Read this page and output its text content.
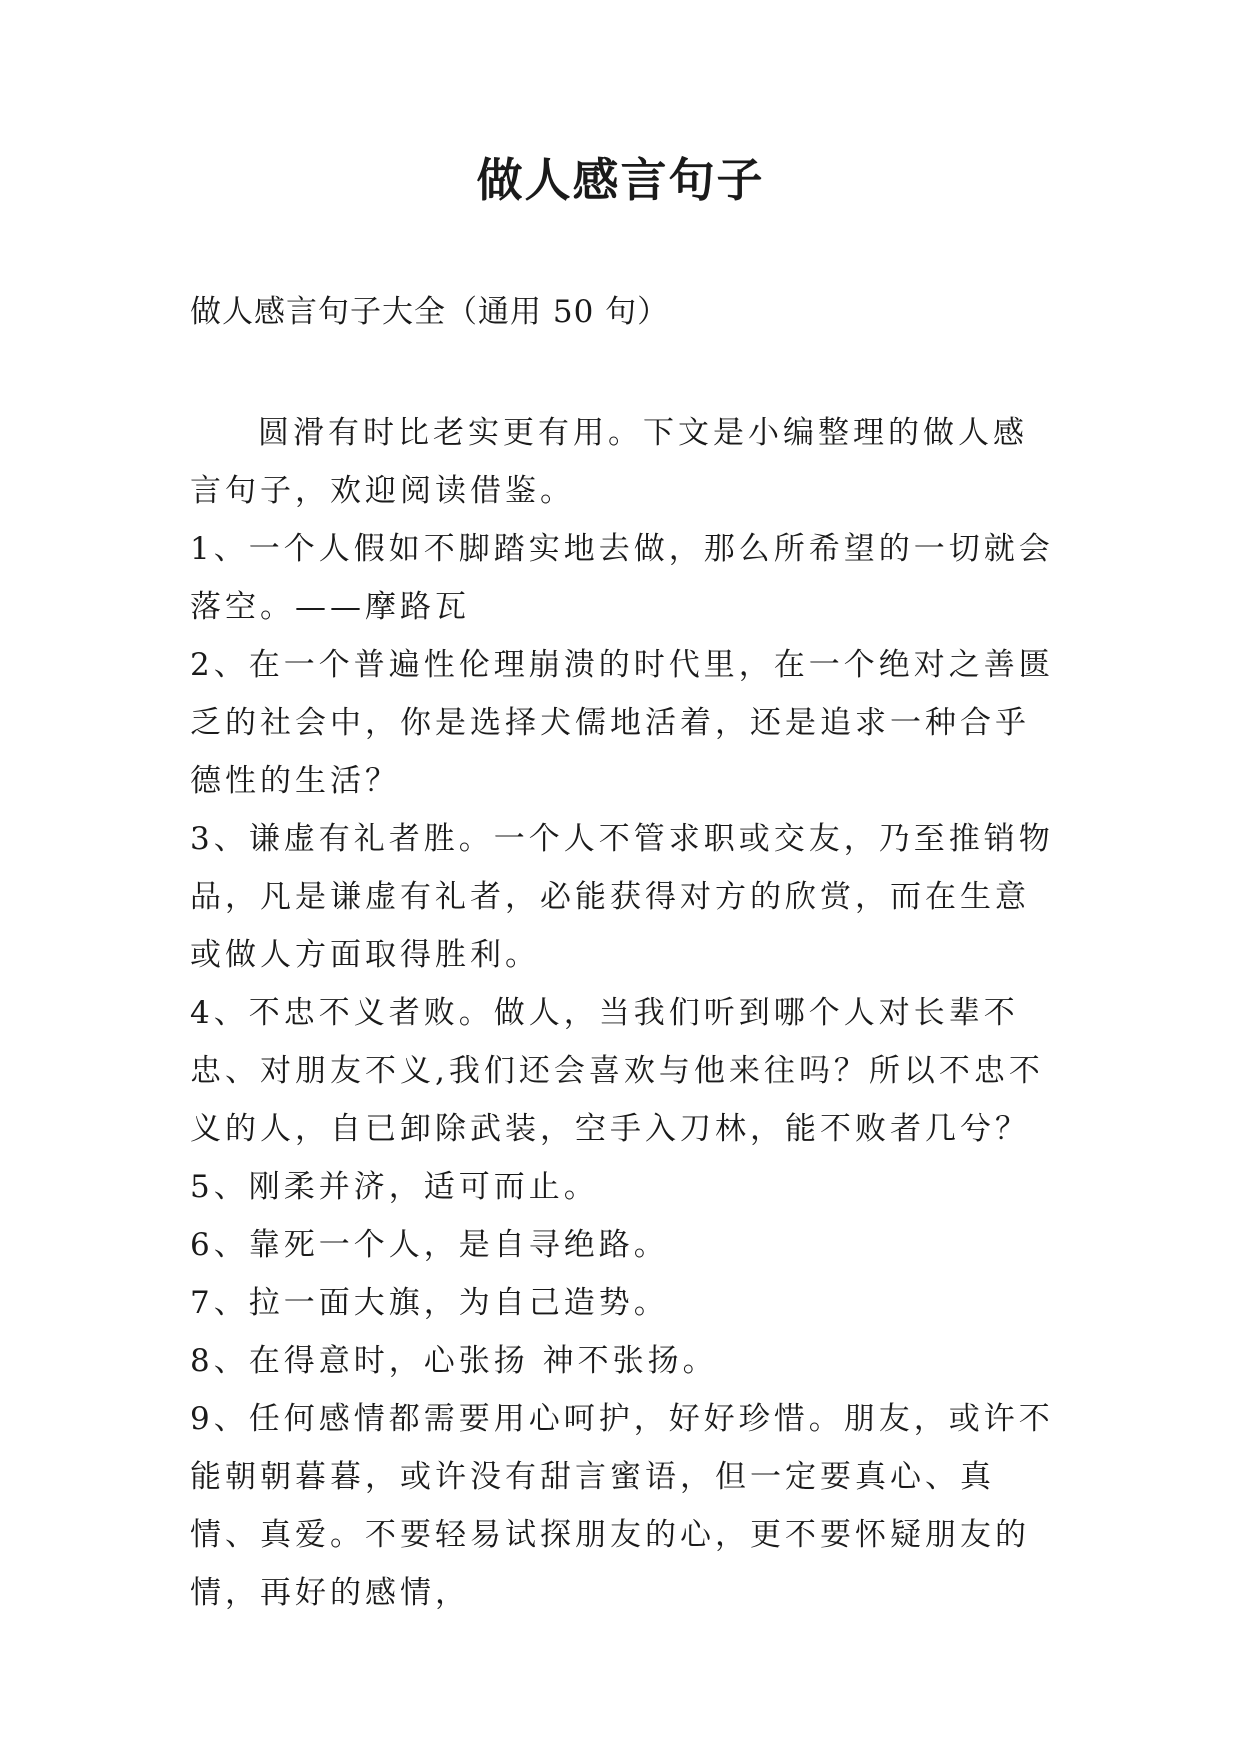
做人感言句子
做人感言句子大全（通用 50 句）

圆滑有时比老实更有用。下文是小编整理的做人感言句子，欢迎阅读借鉴。

1、一个人假如不脚踏实地去做，那么所希望的一切就会落空。——摩路瓦

2、在一个普遍性伦理崩溃的时代里，在一个绝对之善匮乏的社会中，你是选择犬儒地活着，还是追求一种合乎德性的生活？

3、谦虚有礼者胜。一个人不管求职或交友，乃至推销物品，凡是谦虚有礼者，必能获得对方的欣赏，而在生意或做人方面取得胜利。

4、不忠不义者败。做人，当我们听到哪个人对长辈不忠、对朋友不义,我们还会喜欢与他来往吗？所以不忠不义的人，自已卸除武装，空手入刀林，能不败者几兮？

5、刚柔并济，适可而止。

6、靠死一个人，是自寻绝路。

7、拉一面大旗，为自己造势。

8、在得意时，心张扬 神不张扬。

9、任何感情都需要用心呵护，好好珍惜。朋友，或许不能朝朝暮暮，或许没有甜言蜜语，但一定要真心、真情、真爱。不要轻易试探朋友的心，更不要怀疑朋友的情，再好的感情，
